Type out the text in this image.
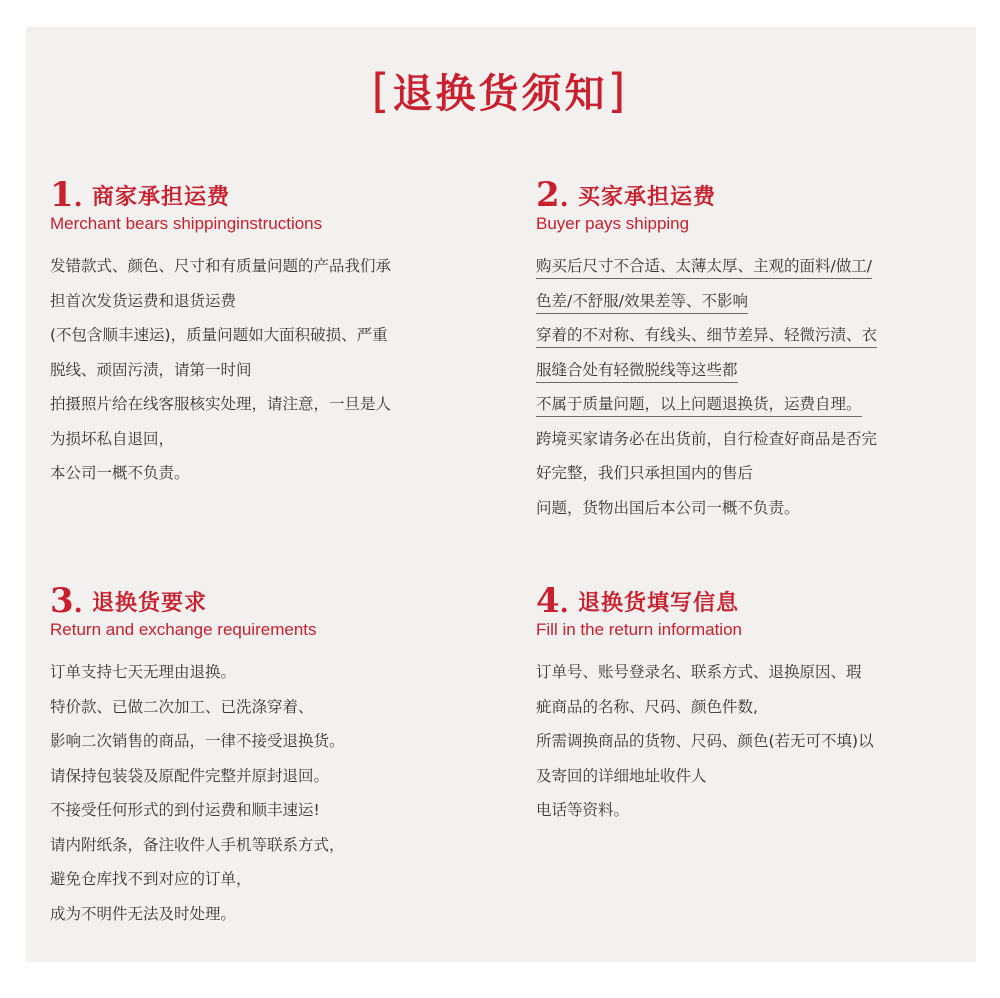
[退换货须知]
1. 商家承担运费
Merchant bears shippinginstructions
发错款式、颜色、尺寸和有质量问题的产品我们承
担首次发货运费和退货运费
(不包含顺丰速运)，质量问题如大面积破损、严重
脱线、顽固污渍，请第一时间
拍摄照片给在线客服核实处理，请注意，一旦是人
为损坏私自退回，
本公司一概不负责。
2. 买家承担运费
Buyer pays shipping
购买后尺寸不合适、太薄太厚、主观的面料/做工/
色差/不舒服/效果差等、不影响
穿着的不对称、有线头、细节差异、轻微污渍、衣
服缝合处有轻微脱线等这些都
不属于质量问题，以上问题退换货，运费自理。
跨境买家请务必在出货前，自行检查好商品是否完
好完整，我们只承担国内的售后
问题，货物出国后本公司一概不负责。
3. 退换货要求
Return and exchange requirements
订单支持七天无理由退换。
特价款、已做二次加工、已洗涤穿着、
影响二次销售的商品，一律不接受退换货。
请保持包装袋及原配件完整并原封退回。
不接受任何形式的到付运费和顺丰速运!
请内附纸条，备注收件人手机等联系方式，
避免仓库找不到对应的订单，
成为不明件无法及时处理。
4. 退换货填写信息
Fill in the return information
订单号、账号登录名、联系方式、退换原因、瑕
疵商品的名称、尺码、颜色件数,
所需调换商品的货物、尺码、颜色(若无可不填)以
及寄回的详细地址收件人
电话等资料。
